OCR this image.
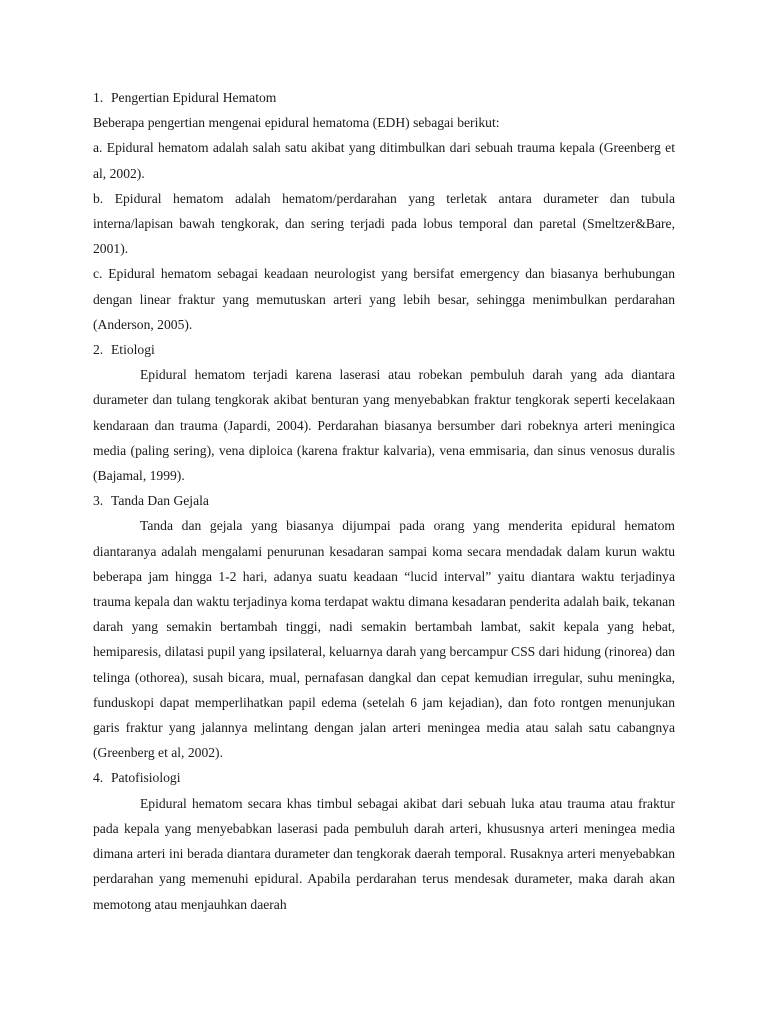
1. Pengertian Epidural Hematom

Beberapa pengertian mengenai epidural hematoma (EDH) sebagai berikut:

a. Epidural hematom adalah salah satu akibat yang ditimbulkan dari sebuah trauma kepala (Greenberg et al, 2002).

b. Epidural hematom adalah hematom/perdarahan yang terletak antara durameter dan tubula interna/lapisan bawah tengkorak, dan sering terjadi pada lobus temporal dan paretal (Smeltzer&Bare, 2001).

c. Epidural hematom sebagai keadaan neurologist yang bersifat emergency dan biasanya berhubungan dengan linear fraktur yang memutuskan arteri yang lebih besar, sehingga menimbulkan perdarahan (Anderson, 2005).

2. Etiologi

Epidural hematom terjadi karena laserasi atau robekan pembuluh darah yang ada diantara durameter dan tulang tengkorak akibat benturan yang menyebabkan fraktur tengkorak seperti kecelakaan kendaraan dan trauma (Japardi, 2004). Perdarahan biasanya bersumber dari robeknya arteri meningica media (paling sering), vena diploica (karena fraktur kalvaria), vena emmisaria, dan sinus venosus duralis (Bajamal, 1999).

3. Tanda Dan Gejala

Tanda dan gejala yang biasanya dijumpai pada orang yang menderita epidural hematom diantaranya adalah mengalami penurunan kesadaran sampai koma secara mendadak dalam kurun waktu beberapa jam hingga 1-2 hari, adanya suatu keadaan “lucid interval” yaitu diantara waktu terjadinya trauma kepala dan waktu terjadinya koma terdapat waktu dimana kesadaran penderita adalah baik, tekanan darah yang semakin bertambah tinggi, nadi semakin bertambah lambat, sakit kepala yang hebat, hemiparesis, dilatasi pupil yang ipsilateral, keluarnya darah yang bercampur CSS dari hidung (rinorea) dan telinga (othorea), susah bicara, mual, pernafasan dangkal dan cepat kemudian irregular, suhu meningka, funduskopi dapat memperlihatkan papil edema (setelah 6 jam kejadian), dan foto rontgen menunjukan garis fraktur yang jalannya melintang dengan jalan arteri meningea media atau salah satu cabangnya (Greenberg et al, 2002).

4. Patofisiologi

Epidural hematom secara khas timbul sebagai akibat dari sebuah luka atau trauma atau fraktur pada kepala yang menyebabkan laserasi pada pembuluh darah arteri, khususnya arteri meningea media dimana arteri ini berada diantara durameter dan tengkorak daerah temporal. Rusaknya arteri menyebabkan perdarahan yang memenuhi epidural. Apabila perdarahan terus mendesak durameter, maka darah akan memotong atau menjauhkan daerah
